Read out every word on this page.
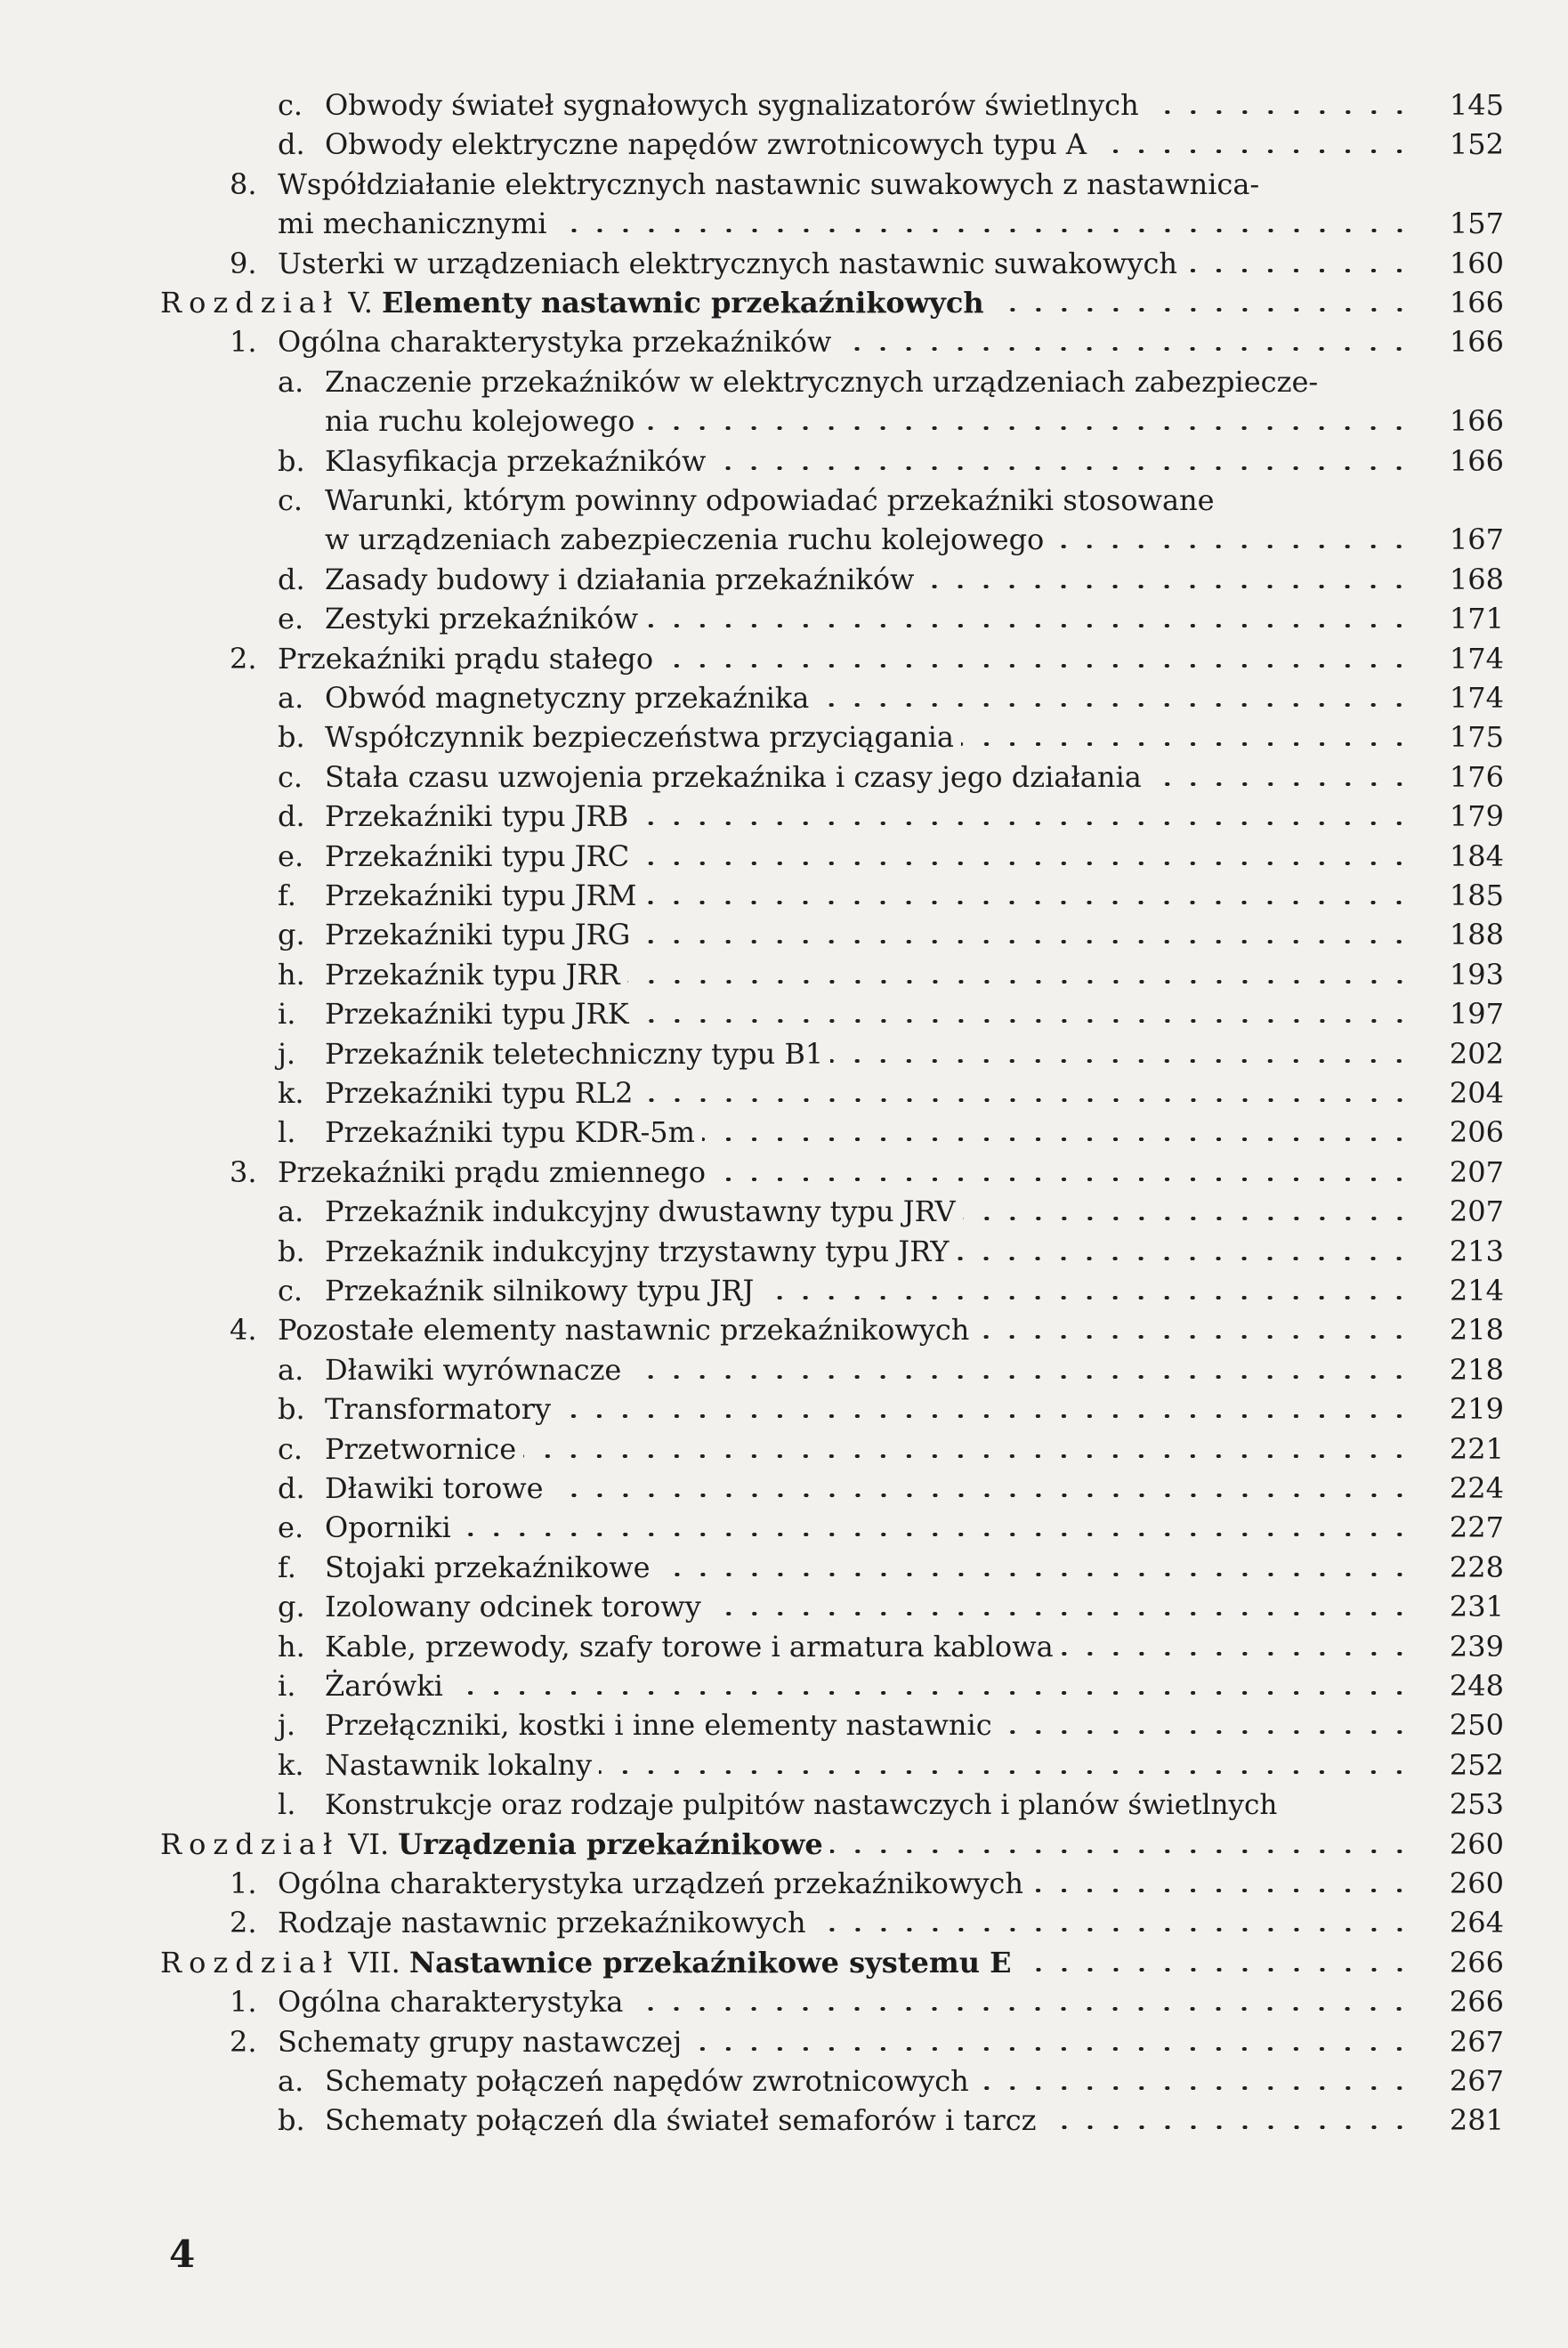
c. Obwody świateł sygnałowych sygnalizatorów świetlnych	145
d. Obwody elektryczne napędów zwrotnicowych typu A	152
8. Współdziałanie elektrycznych nastawnic suwakowych z nastawnica-
mi mechanicznymi	157
9. Usterki w urządzeniach elektrycznych nastawnic suwakowych	160
Rozdział V. Elementy nastawnic przekaźnikowych	166
1. Ogólna charakterystyka przekaźników	166
a. Znaczenie przekaźników w elektrycznych urządzeniach zabezpiecze-
nia ruchu kolejowego	166
b. Klasyfikacja przekaźników	166
c. Warunki, którym powinny odpowiadać przekaźniki stosowane
w urządzeniach zabezpieczenia ruchu kolejowego	167
d. Zasady budowy i działania przekaźników	168
e. Zestyki przekaźników	171
2. Przekaźniki prądu stałego	174
a. Obwód magnetyczny przekaźnika	174
b. Współczynnik bezpieczeństwa przyciągania	175
c. Stała czasu uzwojenia przekaźnika i czasy jego działania	176
d. Przekaźniki typu JRB	179
e. Przekaźniki typu JRC	184
f.	Przekaźniki typu JRM	185
g. Przekaźniki typu JRG	188
h. Przekaźnik typu JRR	193
i.	Przekaźniki typu JRK	197
j.	Przekaźnik teletechniczny typu B1	202
k. Przekaźniki typu RL2	204
l.	Przekaźniki typu KDR-5m	206
3. Przekaźniki prądu zmiennego	207
a. Przekaźnik indukcyjny dwustawny typu JRV	207
b. Przekaźnik indukcyjny trzystawny typu JRY	213
c. Przekaźnik silnikowy typu JRJ	214
4. Pozostałe elementy nastawnic przekaźnikowych	218
a. Dławiki wyrównacze	218
b. Transformatory	219
c. Przetwornice	221
d. Dławiki torowe	224
e. Oporniki	227
f.	Stojaki przekaźnikowe	228
g. Izolowany odcinek torowy	231
h. Kable, przewody, szafy torowe i armatura kablowa	239
i.	Żarówki	248
j.	Przełączniki, kostki i inne elementy nastawnic	250
k. Nastawnik lokalny	252
l.	Konstrukcje oraz rodzaje pulpitów nastawczych i planów świetlnych	253
Rozdział VI. Urządzenia przekaźnikowe	260
1. Ogólna charakterystyka urządzeń przekaźnikowych	260
2. Rodzaje nastawnic przekaźnikowych	264
Rozdział VII. Nastawnice przekaźnikowe systemu E	266
1. Ogólna charakterystyka	266
2. Schematy grupy nastawczej	267
a. Schematy połączeń napędów zwrotnicowych	267
b. Schematy połączeń dla świateł semaforów i tarcz	281
4
